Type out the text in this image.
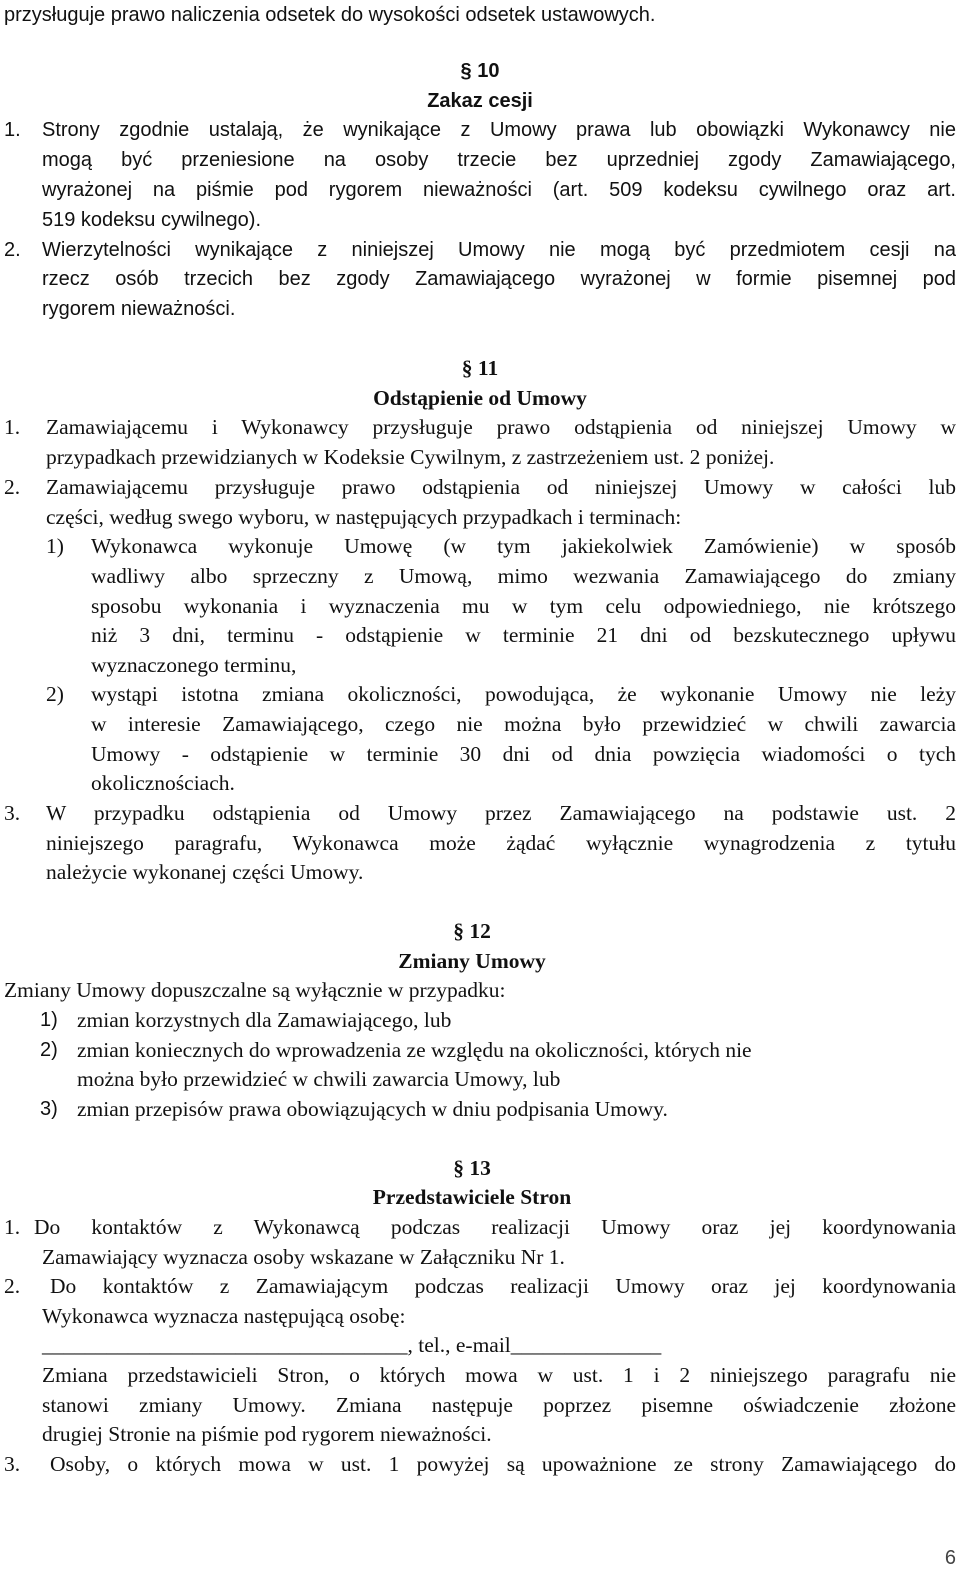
przysługuje prawo naliczenia odsetek do wysokości odsetek ustawowych.
§ 10
Zakaz cesji
1. Strony zgodnie ustalają, że wynikające z Umowy prawa lub obowiązki Wykonawcy nie
mogą być przeniesione na osoby trzecie bez uprzedniej zgody Zamawiającego,
wyrażonej na piśmie pod rygorem nieważności (art. 509 kodeksu cywilnego oraz art.
519 kodeksu cywilnego).
2. Wierzytelności wynikające z niniejszej Umowy nie mogą być przedmiotem cesji na
rzecz osób trzecich bez zgody Zamawiającego wyrażonej w formie pisemnej pod
rygorem nieważności.
§ 11
Odstąpienie od Umowy
1. Zamawiającemu i Wykonawcy przysługuje prawo odstąpienia od niniejszej Umowy w
przypadkach przewidzianych w Kodeksie Cywilnym, z zastrzeżeniem ust. 2 poniżej.
2. Zamawiającemu przysługuje prawo odstąpienia od niniejszej Umowy w całości lub
części, według swego wyboru, w następujących przypadkach i terminach:
1) Wykonawca wykonuje Umowę (w tym jakiekolwiek Zamówienie) w sposób
wadliwy albo sprzeczny z Umową, mimo wezwania Zamawiającego do zmiany
sposobu wykonania i wyznaczenia mu w tym celu odpowiedniego, nie krótszego
niż 3 dni, terminu - odstąpienie w terminie 21 dni od bezskutecznego upływu
wyznaczonego terminu,
2) wystąpi istotna zmiana okoliczności, powodująca, że wykonanie Umowy nie leży
w interesie Zamawiającego, czego nie można było przewidzieć w chwili zawarcia
Umowy - odstąpienie w terminie 30 dni od dnia powzięcia wiadomości o tych
okolicznościach.
3. W przypadku odstąpienia od Umowy przez Zamawiającego na podstawie ust. 2
niniejszego paragrafu, Wykonawca może żądać wyłącznie wynagrodzenia z tytułu
należycie wykonanej części Umowy.
§ 12
Zmiany Umowy
Zmiany Umowy dopuszczalne są wyłącznie w przypadku:
1) zmian korzystnych dla Zamawiającego, lub
2) zmian koniecznych do wprowadzenia ze względu na okoliczności, których nie
można było przewidzieć w chwili zawarcia Umowy, lub
3) zmian przepisów prawa obowiązujących w dniu podpisania Umowy.
§ 13
Przedstawiciele Stron
1. Do kontaktów z Wykonawcą podczas realizacji Umowy oraz jej koordynowania
Zamawiający wyznacza osoby wskazane w Załączniku Nr 1.
2. Do kontaktów z Zamawiającym podczas realizacji Umowy oraz jej koordynowania
Wykonawca wyznacza następującą osobę:
__________________________________, tel., e-mail______________
Zmiana przedstawicieli Stron, o których mowa w ust. 1 i 2 niniejszego paragrafu nie
stanowi zmiany Umowy. Zmiana następuje poprzez pisemne oświadczenie złożone
drugiej Stronie na piśmie pod rygorem nieważności.
3. Osoby, o których mowa w ust. 1 powyżej są upoważnione ze strony Zamawiającego do
6
